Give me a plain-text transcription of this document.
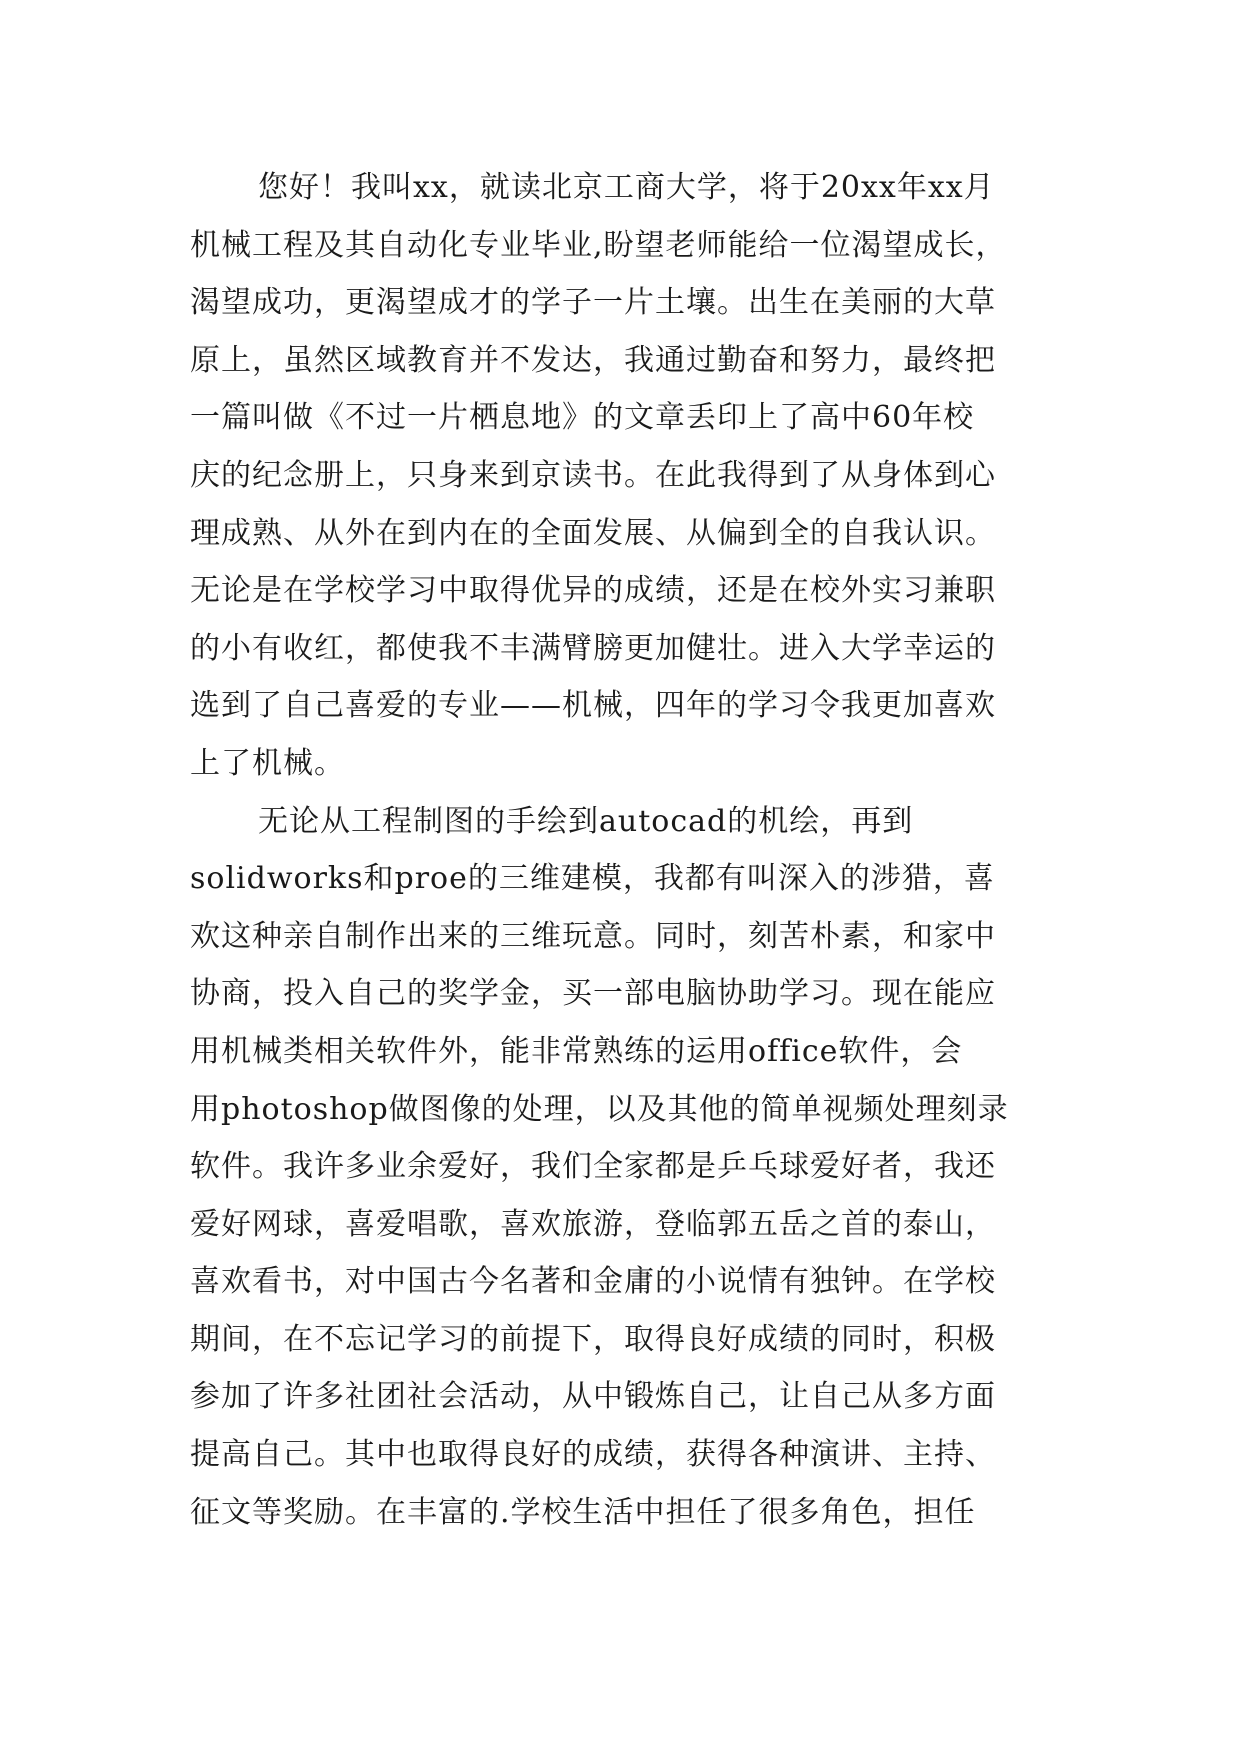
您好！我叫xx，就读北京工商大学，将于20xx年xx月
机械工程及其自动化专业毕业,盼望老师能给一位渴望成长，
渴望成功，更渴望成才的学子一片土壤。出生在美丽的大草
原上，虽然区域教育并不发达，我通过勤奋和努力，最终把
一篇叫做《不过一片栖息地》的文章丢印上了高中60年校
庆的纪念册上，只身来到京读书。在此我得到了从身体到心
理成熟、从外在到内在的全面发展、从偏到全的自我认识。
无论是在学校学习中取得优异的成绩，还是在校外实习兼职
的小有收红，都使我不丰满臂膀更加健壮。进入大学幸运的
选到了自己喜爱的专业——机械，四年的学习令我更加喜欢
上了机械。
无论从工程制图的手绘到autocad的机绘，再到
solidworks和proe的三维建模，我都有叫深入的涉猎，喜
欢这种亲自制作出来的三维玩意。同时，刻苦朴素，和家中
协商，投入自己的奖学金，买一部电脑协助学习。现在能应
用机械类相关软件外，能非常熟练的运用office软件，会
用photoshop做图像的处理，以及其他的简单视频处理刻录
软件。我许多业余爱好，我们全家都是乒乓球爱好者，我还
爱好网球，喜爱唱歌，喜欢旅游，登临郭五岳之首的泰山，
喜欢看书，对中国古今名著和金庸的小说情有独钟。在学校
期间，在不忘记学习的前提下，取得良好成绩的同时，积极
参加了许多社团社会活动，从中锻炼自己，让自己从多方面
提高自己。其中也取得良好的成绩，获得各种演讲、主持、
征文等奖励。在丰富的.学校生活中担任了很多角色，担任
